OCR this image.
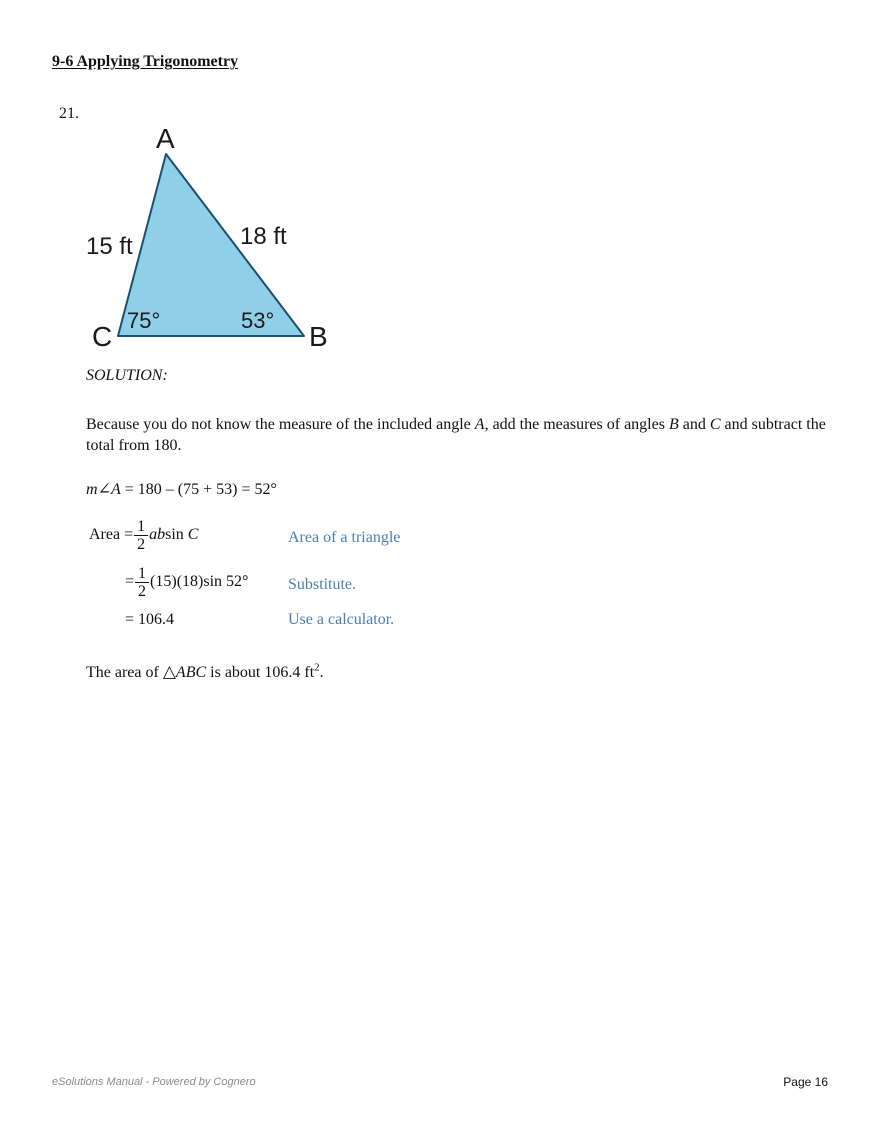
9-6 Applying Trigonometry
21.
A
B
C
15 ft	18 ft
75°	53°
SOLUTION:
Because you do not know the measure of the included angle A, add the measures of angles B and C and subtract the total from 180.
m∠A = 180 – (75 + 53) = 52°
Area = $\frac{1}{2}$ absin C	Area of a triangle
= $\frac{1}{2} (15)(18)\sin$ 52° Substitute.
= 106.4	Use a calculator.
The area of △ABC is about 106.4 $ft^2$.
eSolutions Manual - Powered by Cognero	Page 16
